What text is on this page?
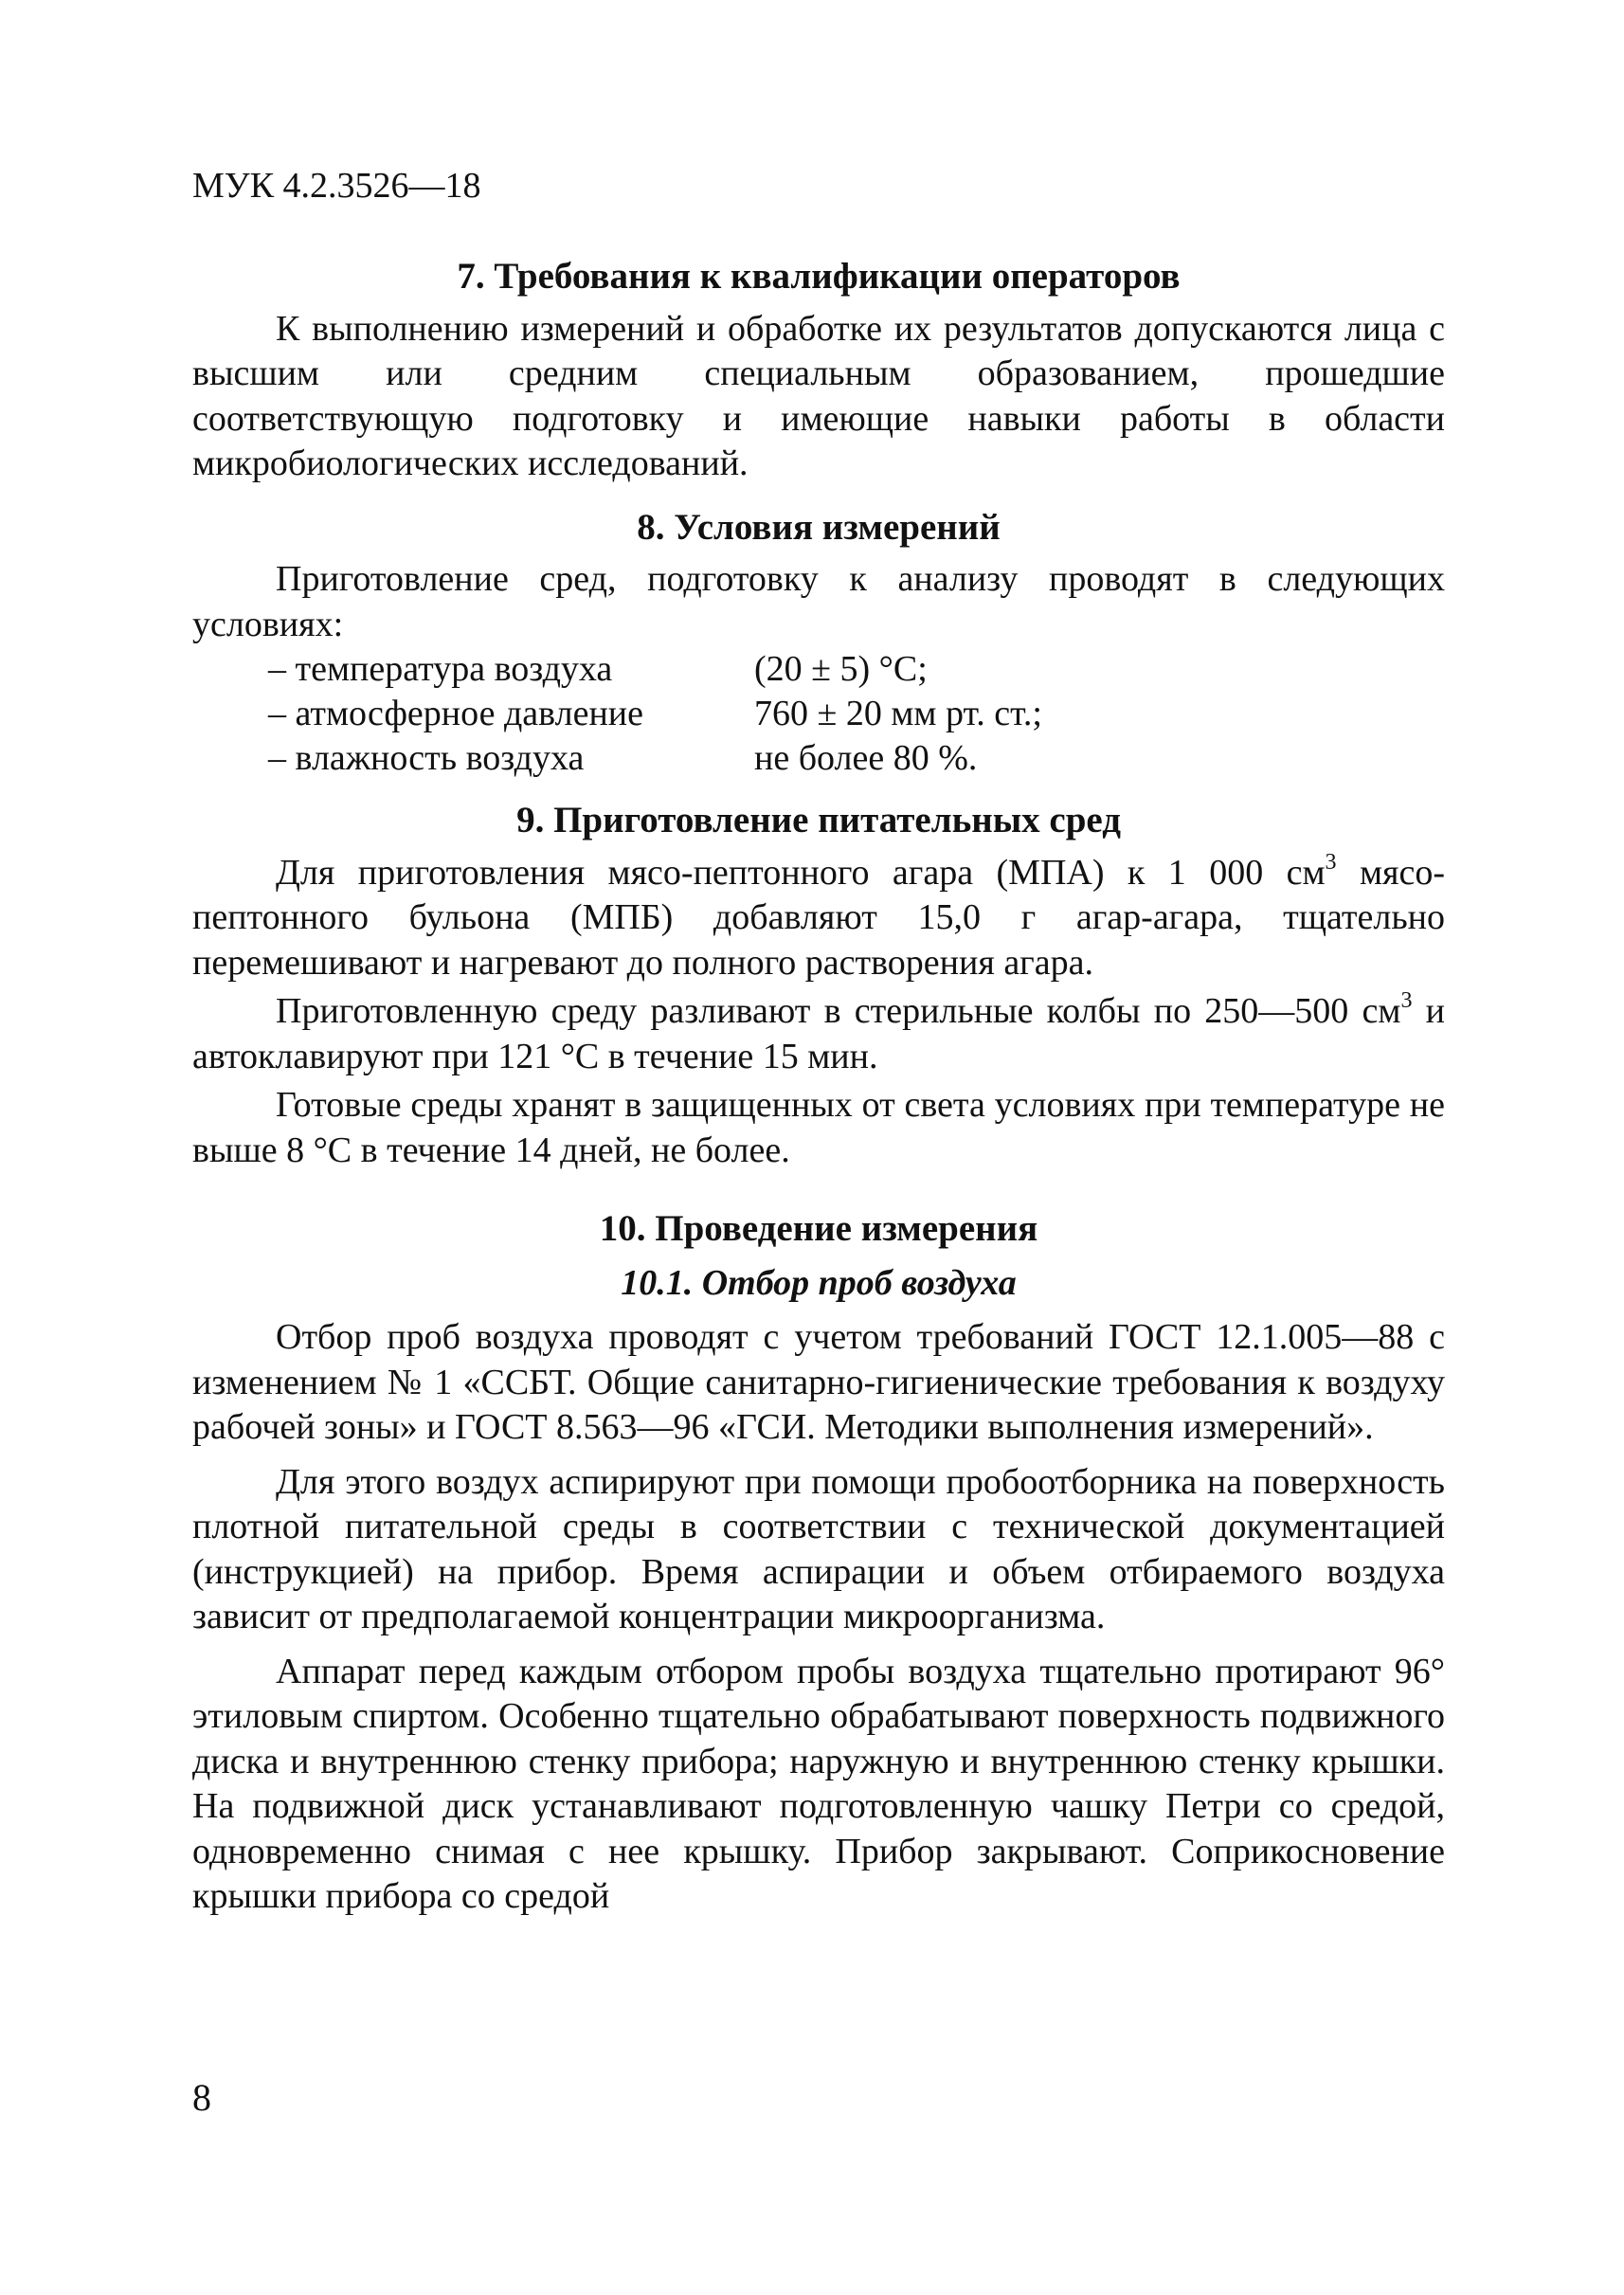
МУК 4.2.3526—18
7. Требования к квалификации операторов

К выполнению измерений и обработке их результатов допускаются лица с высшим или средним специальным образованием, прошедшие соответствующую подготовку и имеющие навыки работы в области микробиологических исследований.

8. Условия измерений

Приготовление сред, подготовку к анализу проводят в следующих условиях:

– температура воздуха	(20 ± 5) °С;
– атмосферное давление	760 ± 20 мм рт. ст.;
– влажность воздуха	не более 80 %.
9. Приготовление питательных сред

Для приготовления мясо-пептонного агара (МПА) к 1 000 $см^3$ мясо-пептонного бульона (МПБ) добавляют 15,0 г агар-агара, тщательно перемешивают и нагревают до полного растворения агара.

Приготовленную среду разливают в стерильные колбы по 250—500 $см^3$ и автоклавируют при 121 °С в течение 15 мин.

Готовые среды хранят в защищенных от света условиях при температуре не выше 8 °С в течение 14 дней, не более.

10. Проведение измерения
10.1. Отбор проб воздуха

Отбор проб воздуха проводят с учетом требований ГОСТ 12.1.005—88 с изменением № 1 «ССБТ. Общие санитарно-гигиенические требования к воздуху рабочей зоны» и ГОСТ 8.563—96 «ГСИ. Методики выполнения измерений».

Для этого воздух аспирируют при помощи пробоотборника на поверхность плотной питательной среды в соответствии с технической документацией (инструкцией) на прибор. Время аспирации и объем отбираемого воздуха зависит от предполагаемой концентрации микроорганизма.

Аппарат перед каждым отбором пробы воздуха тщательно протирают 96° этиловым спиртом. Особенно тщательно обрабатывают поверхность подвижного диска и внутреннюю стенку прибора; наружную и внутреннюю стенку крышки. На подвижной диск устанавливают подготовленную чашку Петри со средой, одновременно снимая с нее крышку. Прибор закрывают. Соприкосновение крышки прибора со средой

8
